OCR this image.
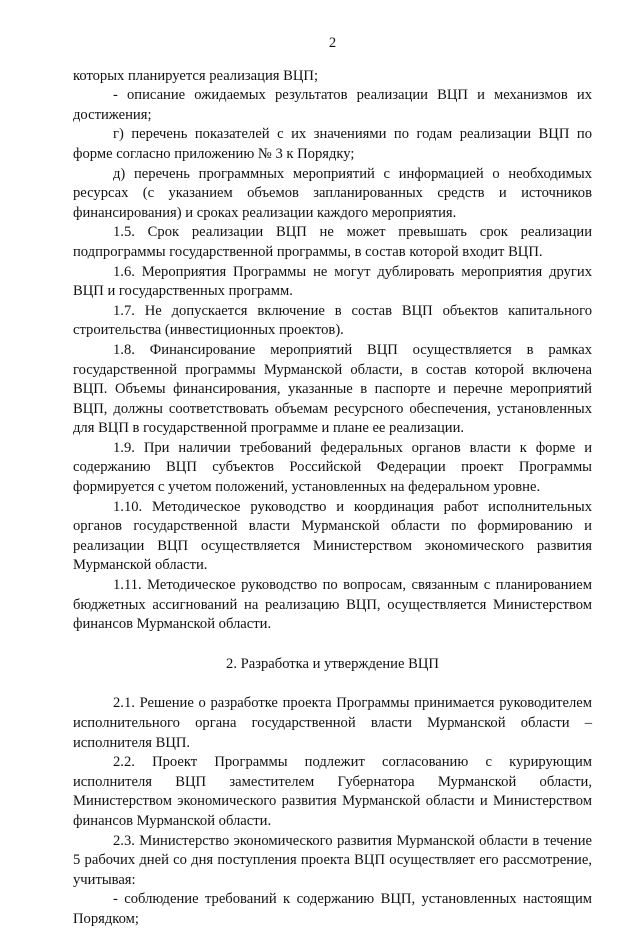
2

которых планируется реализация ВЦП;

- описание ожидаемых результатов реализации ВЦП и механизмов их достижения;

г) перечень показателей с их значениями по годам реализации ВЦП по форме согласно приложению № 3 к Порядку;

д) перечень программных мероприятий с информацией о необходимых ресурсах (с указанием объемов запланированных средств и источников финансирования) и сроках реализации каждого мероприятия.

1.5. Срок реализации ВЦП не может превышать срок реализации подпрограммы государственной программы, в состав которой входит ВЦП.

1.6. Мероприятия Программы не могут дублировать мероприятия других ВЦП и государственных программ.

1.7. Не допускается включение в состав ВЦП объектов капитального строительства (инвестиционных проектов).

1.8. Финансирование мероприятий ВЦП осуществляется в рамках государственной программы Мурманской области, в состав которой включена ВЦП. Объемы финансирования, указанные в паспорте и перечне мероприятий ВЦП, должны соответствовать объемам ресурсного обеспечения, установленных для ВЦП в государственной программе и плане ее реализации.

1.9. При наличии требований федеральных органов власти к форме и содержанию ВЦП субъектов Российской Федерации проект Программы формируется с учетом положений, установленных на федеральном уровне.

1.10. Методическое руководство и координация работ исполнительных органов государственной власти Мурманской области по формированию и реализации ВЦП осуществляется Министерством экономического развития Мурманской области.

1.11. Методическое руководство по вопросам, связанным с планированием бюджетных ассигнований на реализацию ВЦП, осуществляется Министерством финансов Мурманской области.

2. Разработка и утверждение ВЦП

2.1. Решение о разработке проекта Программы принимается руководителем исполнительного органа государственной власти Мурманской области – исполнителя ВЦП.

2.2. Проект Программы подлежит согласованию с курирующим исполнителя ВЦП заместителем Губернатора Мурманской области, Министерством экономического развития Мурманской области и Министерством финансов Мурманской области.

2.3. Министерство экономического развития Мурманской области в течение 5 рабочих дней со дня поступления проекта ВЦП осуществляет его рассмотрение, учитывая:

- соблюдение требований к содержанию ВЦП, установленных настоящим Порядком;
